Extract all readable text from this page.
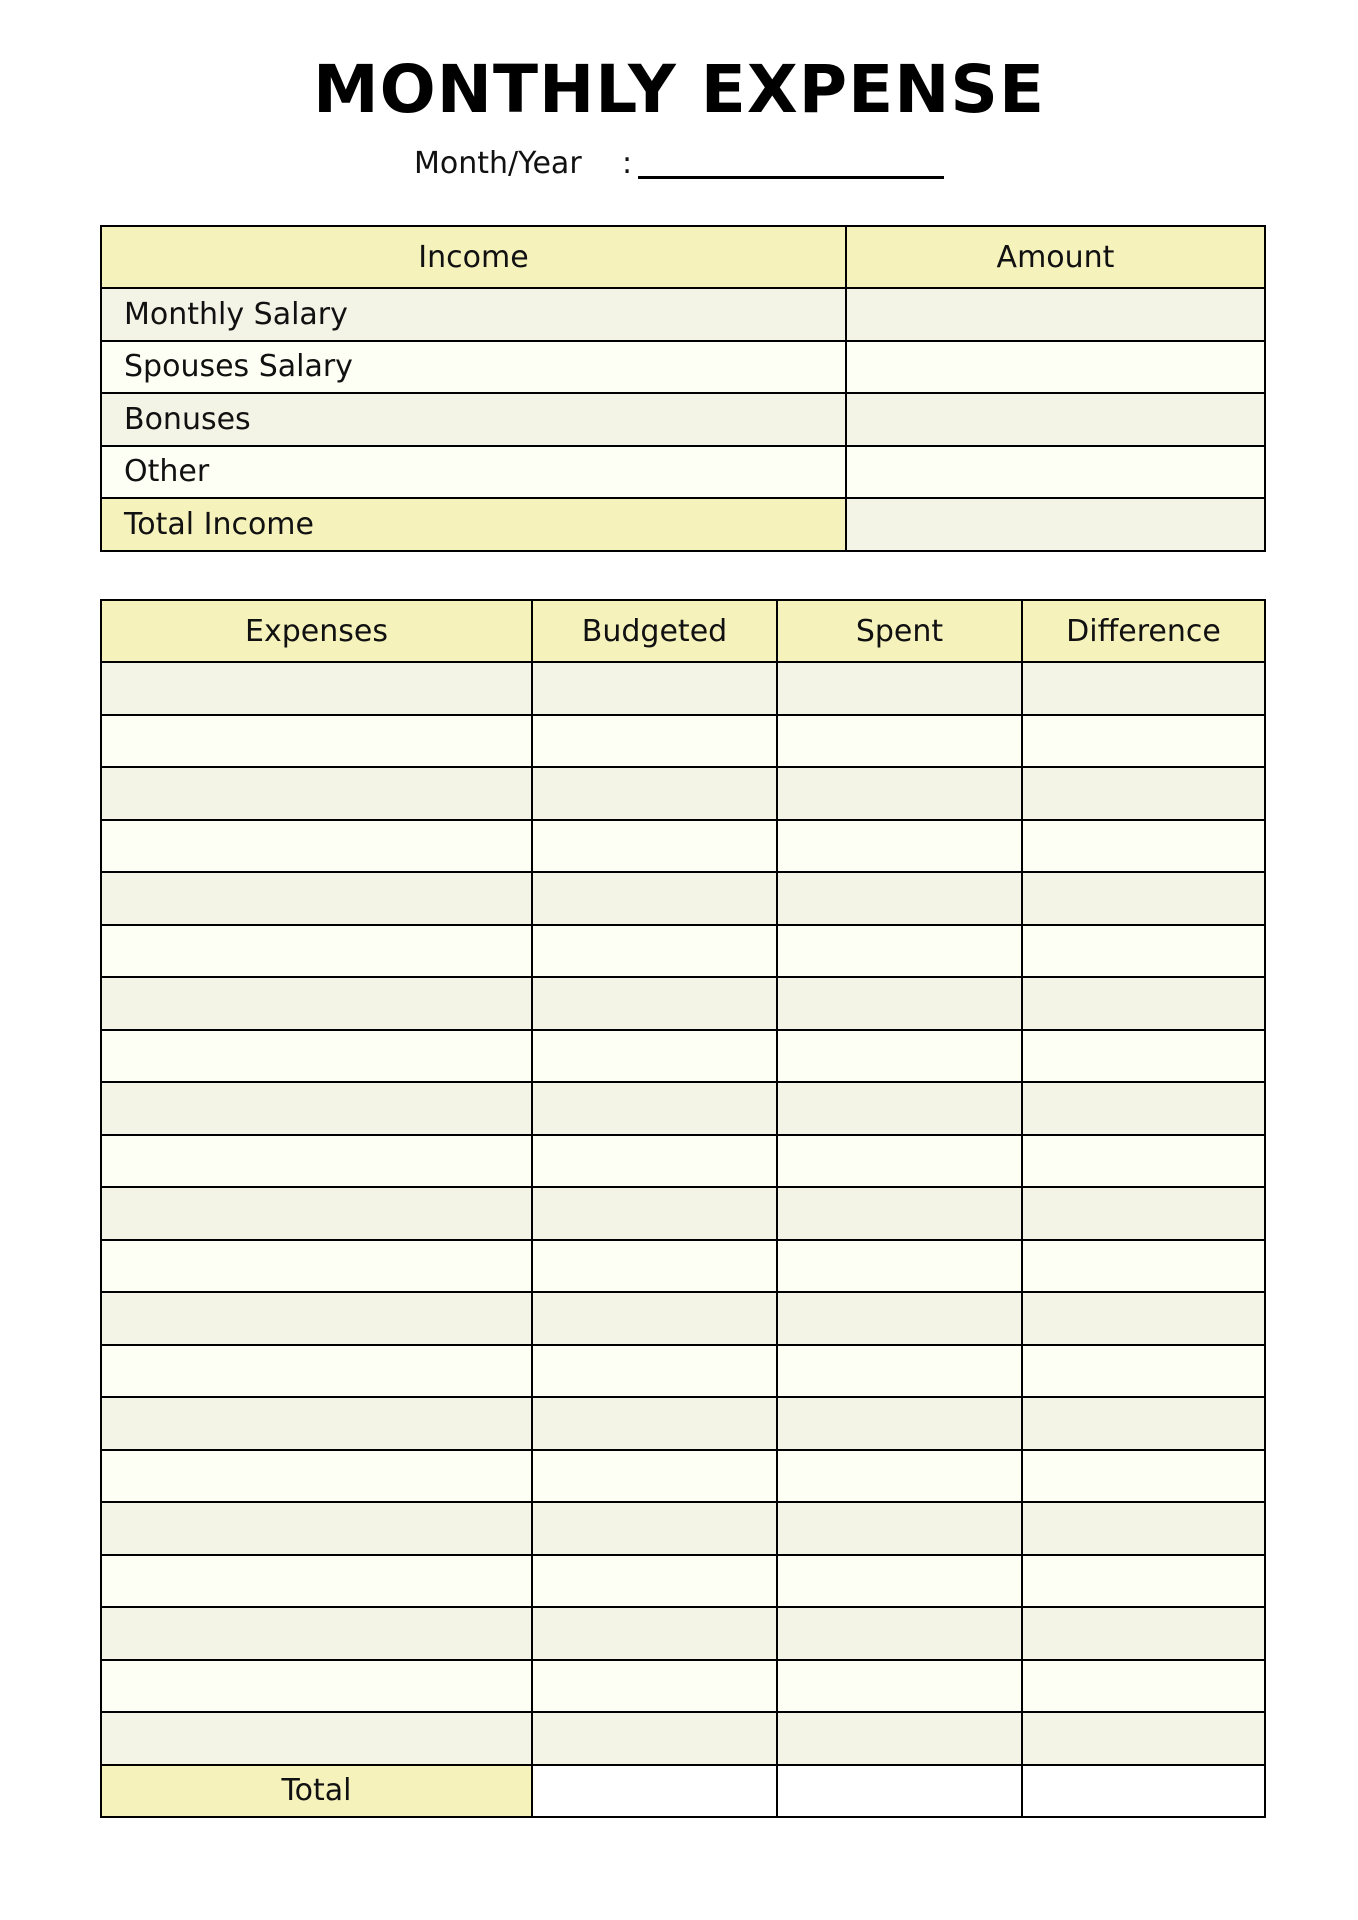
MONTHLY EXPENSE
Month/Year	:
Income	Amount
Monthly Salary	
Spouses Salary	
Bonuses	
Other	
Total Income	
Expenses	Budgeted	Spent	Difference

Total			
